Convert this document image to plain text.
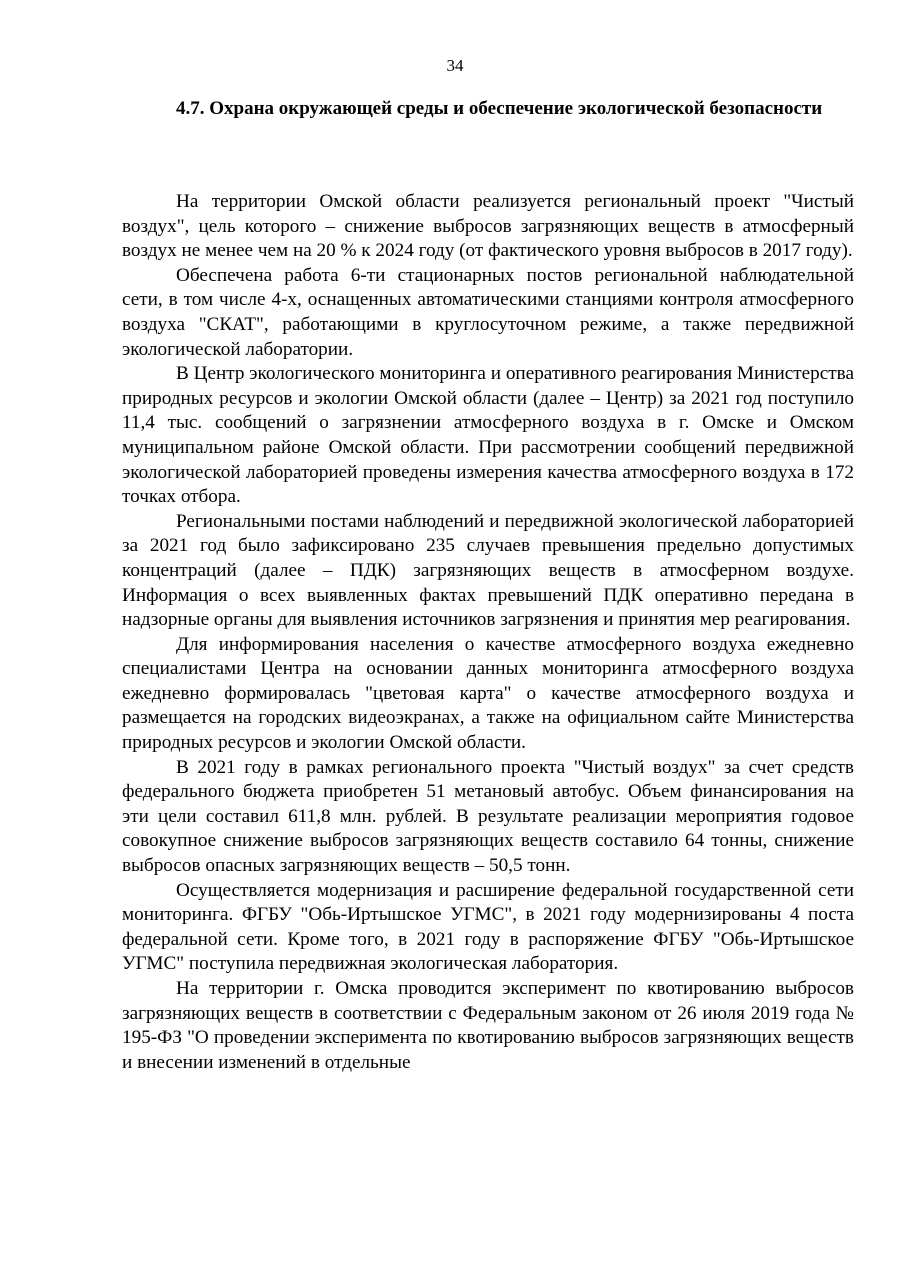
34
4.7. Охрана окружающей среды и обеспечение экологической безопасности

На территории Омской области реализуется региональный проект "Чистый воздух", цель которого – снижение выбросов загрязняющих веществ в атмосферный воздух не менее чем на 20 % к 2024 году (от фактического уровня выбросов в 2017 году).

Обеспечена работа 6-ти стационарных постов региональной наблюдательной сети, в том числе 4-х, оснащенных автоматическими станциями контроля атмосферного воздуха "СКАТ", работающими в круглосуточном режиме, а также передвижной экологической лаборатории.

В Центр экологического мониторинга и оперативного реагирования Министерства природных ресурсов и экологии Омской области (далее – Центр) за 2021 год поступило 11,4 тыс. сообщений о загрязнении атмосферного воздуха в г. Омске и Омском муниципальном районе Омской области. При рассмотрении сообщений передвижной экологической лабораторией проведены измерения качества атмосферного воздуха в 172 точках отбора.

Региональными постами наблюдений и передвижной экологической лабораторией за 2021 год было зафиксировано 235 случаев превышения предельно допустимых концентраций (далее – ПДК) загрязняющих веществ в атмосферном воздухе. Информация о всех выявленных фактах превышений ПДК оперативно передана в надзорные органы для выявления источников загрязнения и принятия мер реагирования.

Для информирования населения о качестве атмосферного воздуха ежедневно специалистами Центра на основании данных мониторинга атмосферного воздуха ежедневно формировалась "цветовая карта" о качестве атмосферного воздуха и размещается на городских видеоэкранах, а также на официальном сайте Министерства природных ресурсов и экологии Омской области.

В 2021 году в рамках регионального проекта "Чистый воздух" за счет средств федерального бюджета приобретен 51 метановый автобус. Объем финансирования на эти цели составил 611,8 млн. рублей. В результате реализации мероприятия годовое совокупное снижение выбросов загрязняющих веществ составило 64 тонны, снижение выбросов опасных загрязняющих веществ – 50,5 тонн.

Осуществляется модернизация и расширение федеральной государственной сети мониторинга. ФГБУ "Обь-Иртышское УГМС", в 2021 году модернизированы 4 поста федеральной сети. Кроме того, в 2021 году в распоряжение ФГБУ "Обь-Иртышское УГМС" поступила передвижная экологическая лаборатория.

На территории г. Омска проводится эксперимент по квотированию выбросов загрязняющих веществ в соответствии с Федеральным законом от 26 июля 2019 года № 195-ФЗ "О проведении эксперимента по квотированию выбросов загрязняющих веществ и внесении изменений в отдельные
